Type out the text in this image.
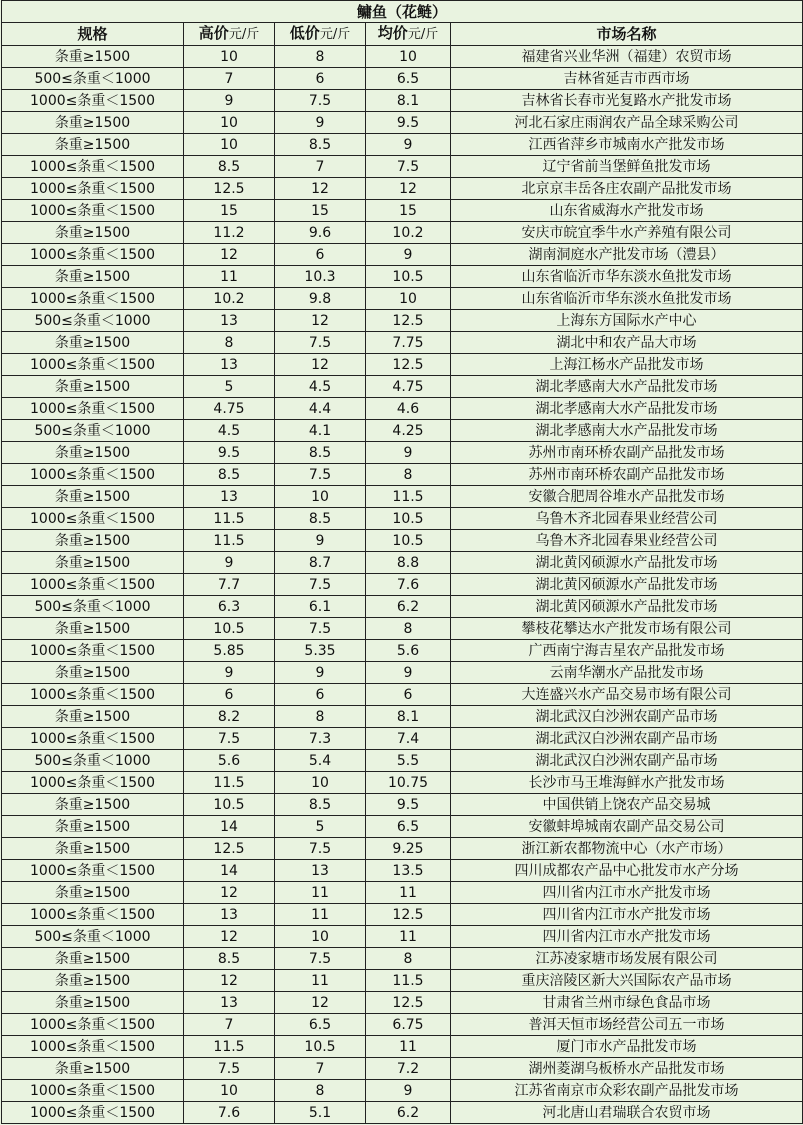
鳙鱼（花鲢）				
规格	高价元/斤	低价元/斤	均价元/斤	市场名称
条重≥1500	10	8	10	福建省兴业华洲（福建）农贸市场
500≤条重＜1000	7	6	6.5	吉林省延吉市西市场
1000≤条重＜1500	9	7.5	8.1	吉林省长春市光复路水产批发市场
条重≥1500	10	9	9.5	河北石家庄雨润农产品全球采购公司
条重≥1500	10	8.5	9	江西省萍乡市城南水产批发市场
1000≤条重＜1500	8.5	7	7.5	辽宁省前当堡鲜鱼批发市场
1000≤条重＜1500	12.5	12	12	北京京丰岳各庄农副产品批发市场
1000≤条重＜1500	15	15	15	山东省威海水产批发市场
条重≥1500	11.2	9.6	10.2	安庆市皖宜季牛水产养殖有限公司
1000≤条重＜1500	12	6	9	湖南洞庭水产批发市场（澧县）
条重≥1500	11	10.3	10.5	山东省临沂市华东淡水鱼批发市场
1000≤条重＜1500	10.2	9.8	10	山东省临沂市华东淡水鱼批发市场
500≤条重＜1000	13	12	12.5	上海东方国际水产中心
条重≥1500	8	7.5	7.75	湖北中和农产品大市场
1000≤条重＜1500	13	12	12.5	上海江杨水产品批发市场
条重≥1500	5	4.5	4.75	湖北孝感南大水产品批发市场
1000≤条重＜1500	4.75	4.4	4.6	湖北孝感南大水产品批发市场
500≤条重＜1000	4.5	4.1	4.25	湖北孝感南大水产品批发市场
条重≥1500	9.5	8.5	9	苏州市南环桥农副产品批发市场
1000≤条重＜1500	8.5	7.5	8	苏州市南环桥农副产品批发市场
条重≥1500	13	10	11.5	安徽合肥周谷堆水产品批发市场
1000≤条重＜1500	11.5	8.5	10.5	乌鲁木齐北园春果业经营公司
条重≥1500	11.5	9	10.5	乌鲁木齐北园春果业经营公司
条重≥1500	9	8.7	8.8	湖北黄冈硕源水产品批发市场
1000≤条重＜1500	7.7	7.5	7.6	湖北黄冈硕源水产品批发市场
500≤条重＜1000	6.3	6.1	6.2	湖北黄冈硕源水产品批发市场
条重≥1500	10.5	7.5	8	攀枝花攀达水产批发市场有限公司
1000≤条重＜1500	5.85	5.35	5.6	广西南宁海吉星农产品批发市场
条重≥1500	9	9	9	云南华潮水产品批发市场
1000≤条重＜1500	6	6	6	大连盛兴水产品交易市场有限公司
条重≥1500	8.2	8	8.1	湖北武汉白沙洲农副产品市场
1000≤条重＜1500	7.5	7.3	7.4	湖北武汉白沙洲农副产品市场
500≤条重＜1000	5.6	5.4	5.5	湖北武汉白沙洲农副产品市场
1000≤条重＜1500	11.5	10	10.75	长沙市马王堆海鲜水产批发市场
条重≥1500	10.5	8.5	9.5	中国供销上饶农产品交易城
条重≥1500	14	5	6.5	安徽蚌埠城南农副产品交易公司
条重≥1500	12.5	7.5	9.25	浙江新农都物流中心（水产市场）
1000≤条重＜1500	14	13	13.5	四川成都农产品中心批发市水产分场
条重≥1500	12	11	11	四川省内江市水产批发市场
1000≤条重＜1500	13	11	12.5	四川省内江市水产批发市场
500≤条重＜1000	12	10	11	四川省内江市水产批发市场
条重≥1500	8.5	7.5	8	江苏凌家塘市场发展有限公司
条重≥1500	12	11	11.5	重庆涪陵区新大兴国际农产品市场
条重≥1500	13	12	12.5	甘肃省兰州市绿色食品市场
1000≤条重＜1500	7	6.5	6.75	普洱天恒市场经营公司五一市场
1000≤条重＜1500	11.5	10.5	11	厦门市水产品批发市场
条重≥1500	7.5	7	7.2	湖州菱湖乌板桥水产品批发市场
1000≤条重＜1500	10	8	9	江苏省南京市众彩农副产品批发市场
1000≤条重＜1500	7.6	5.1	6.2	河北唐山君瑞联合农贸市场
